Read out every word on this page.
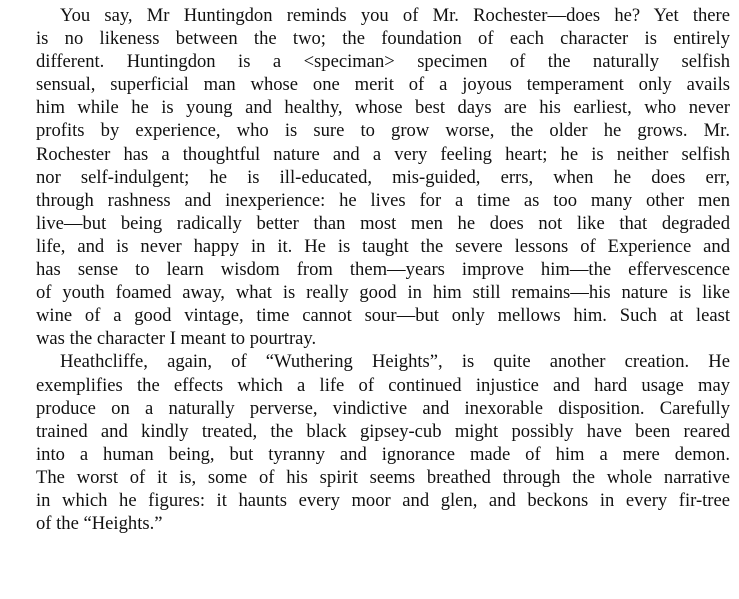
You say, Mr Huntingdon reminds you of Mr. Rochester—does he? Yet there
is no likeness between the two; the foundation of each character is entirely
different. Huntingdon is a <speciman> specimen of the naturally selfish
sensual, superficial man whose one merit of a joyous temperament only avails
him while he is young and healthy, whose best days are his earliest, who never
profits by experience, who is sure to grow worse, the older he grows. Mr.
Rochester has a thoughtful nature and a very feeling heart; he is neither selfish
nor self-indulgent; he is ill-educated, mis-guided, errs, when he does err,
through rashness and inexperience: he lives for a time as too many other men
live—but being radically better than most men he does not like that degraded
life, and is never happy in it. He is taught the severe lessons of Experience and
has sense to learn wisdom from them—years improve him—the effervescence
of youth foamed away, what is really good in him still remains—his nature is like
wine of a good vintage, time cannot sour—but only mellows him. Such at least
was the character I meant to pourtray.
Heathcliffe, again, of “Wuthering Heights”, is quite another creation. He
exemplifies the effects which a life of continued injustice and hard usage may
produce on a naturally perverse, vindictive and inexorable disposition. Carefully
trained and kindly treated, the black gipsey-cub might possibly have been reared
into a human being, but tyranny and ignorance made of him a mere demon.
The worst of it is, some of his spirit seems breathed through the whole narrative
in which he figures: it haunts every moor and glen, and beckons in every fir-tree
of the “Heights.”
